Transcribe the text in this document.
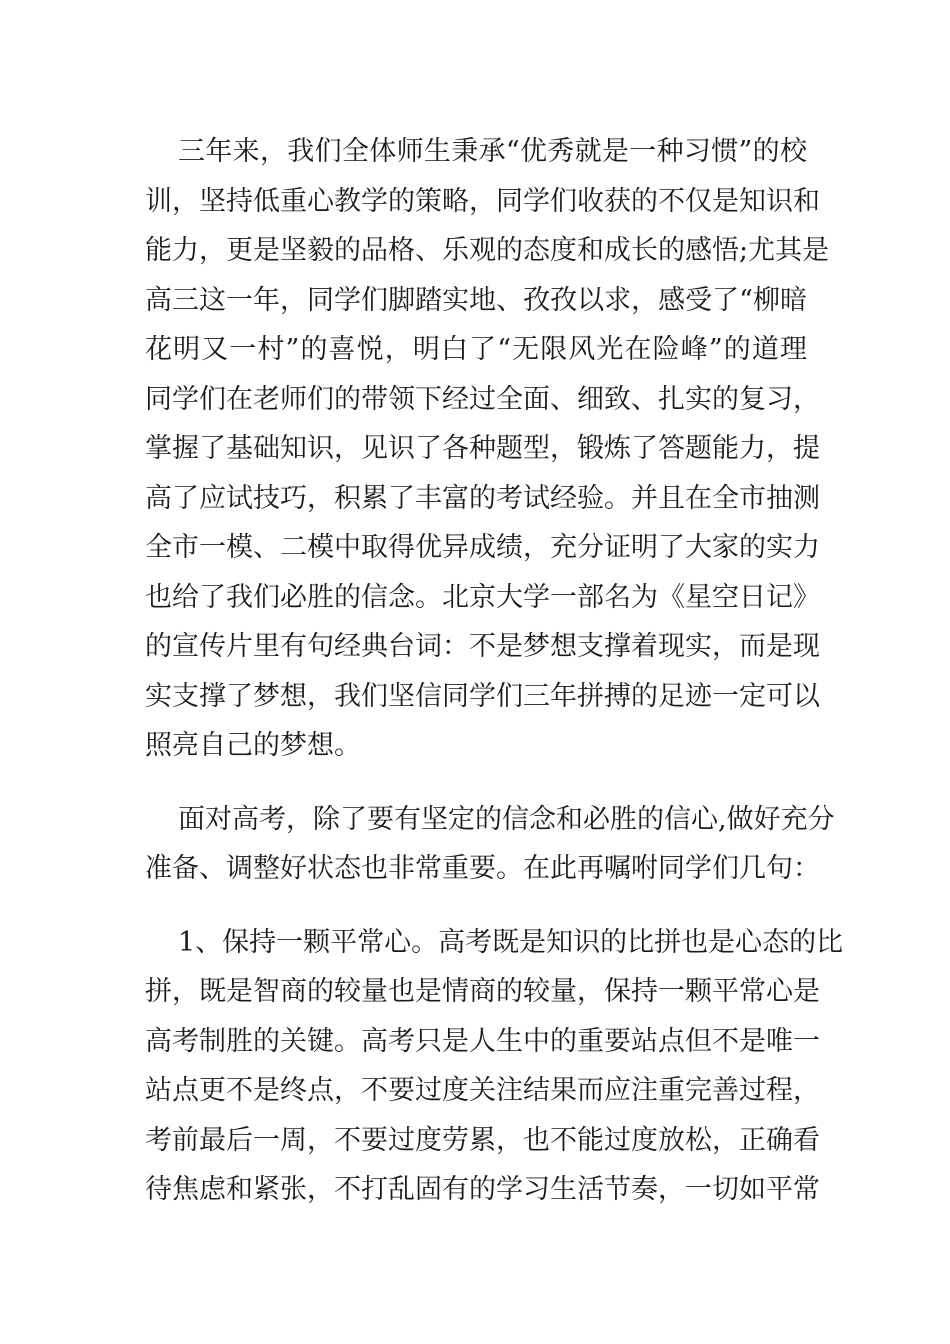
三年来，我们全体师生秉承“优秀就是一种习惯”的校
训，坚持低重心教学的策略，同学们收获的不仅是知识和
能力，更是坚毅的品格、乐观的态度和成长的感悟;尤其是
高三这一年，同学们脚踏实地、孜孜以求，感受了“柳暗
花明又一村”的喜悦，明白了“无限风光在险峰”的道理
同学们在老师们的带领下经过全面、细致、扎实的复习，
掌握了基础知识，见识了各种题型，锻炼了答题能力，提
高了应试技巧，积累了丰富的考试经验。并且在全市抽测
全市一模、二模中取得优异成绩，充分证明了大家的实力
也给了我们必胜的信念。北京大学一部名为《星空日记》
的宣传片里有句经典台词：不是梦想支撑着现实，而是现
实支撑了梦想，我们坚信同学们三年拼搏的足迹一定可以
照亮自己的梦想。
面对高考，除了要有坚定的信念和必胜的信心,做好充分
准备、调整好状态也非常重要。在此再嘱咐同学们几句：
1、保持一颗平常心。高考既是知识的比拼也是心态的比
拼，既是智商的较量也是情商的较量，保持一颗平常心是
高考制胜的关键。高考只是人生中的重要站点但不是唯一
站点更不是终点，不要过度关注结果而应注重完善过程，
考前最后一周，不要过度劳累，也不能过度放松，正确看
待焦虑和紧张，不打乱固有的学习生活节奏，一切如平常
